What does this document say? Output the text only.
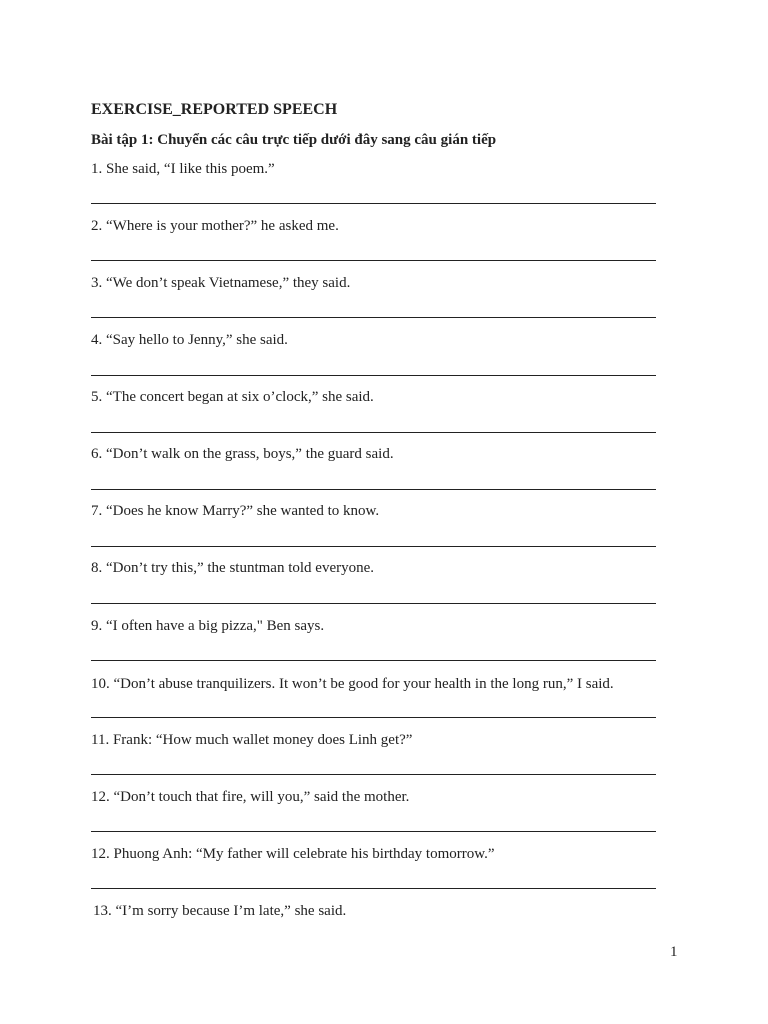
EXERCISE_REPORTED SPEECH
Bài tập 1: Chuyển các câu trực tiếp dưới đây sang câu gián tiếp
1. She said, “I like this poem.”
2. “Where is your mother?” he asked me.
3. “We don’t speak Vietnamese,” they said.
4. “Say hello to Jenny,” she said.
5. “The concert began at six o’clock,” she said.
6. “Don’t walk on the grass, boys,” the guard said.
7. “Does he know Marry?” she wanted to know.
8. “Don’t try this,” the stuntman told everyone.
9. “I often have a big pizza," Ben says.
10. “Don’t abuse tranquilizers. It won’t be good for your health in the long run,” I said.
11. Frank: “How much wallet money does Linh get?”
12. “Don’t touch that fire, will you,” said the mother.
12. Phuong Anh: “My father will celebrate his birthday tomorrow.”
13. “I’m sorry because I’m late,” she said.
1
